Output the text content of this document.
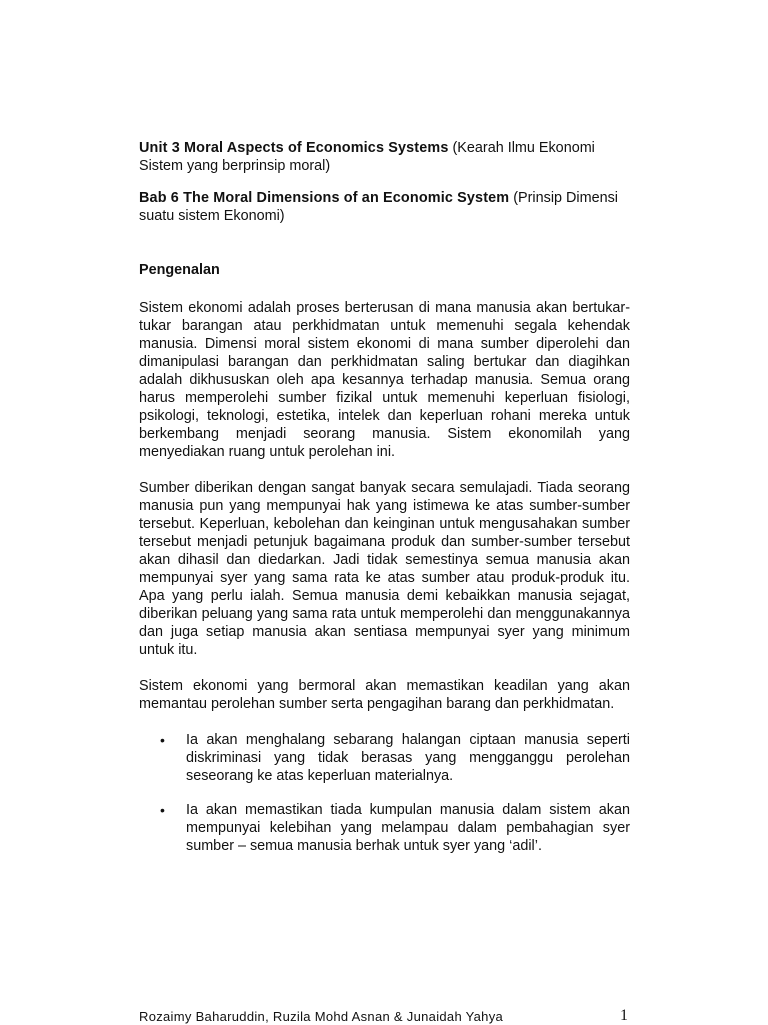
Unit 3 Moral Aspects of Economics Systems (Kearah Ilmu Ekonomi Sistem yang berprinsip moral)

Bab 6 The Moral Dimensions of an Economic System (Prinsip Dimensi suatu sistem Ekonomi)

Pengenalan

Sistem ekonomi adalah proses berterusan di mana manusia akan bertukar-tukar barangan atau perkhidmatan untuk memenuhi segala kehendak manusia. Dimensi moral sistem ekonomi di mana sumber diperolehi dan dimanipulasi barangan dan perkhidmatan saling bertukar dan diagihkan adalah dikhususkan oleh apa kesannya terhadap manusia. Semua orang harus memperolehi sumber fizikal untuk memenuhi keperluan fisiologi, psikologi, teknologi, estetika, intelek dan keperluan rohani mereka untuk berkembang menjadi seorang manusia. Sistem ekonomilah yang menyediakan ruang untuk perolehan ini.

Sumber diberikan dengan sangat banyak secara semulajadi. Tiada seorang manusia pun yang mempunyai hak yang istimewa ke atas sumber-sumber tersebut. Keperluan, kebolehan dan keinginan untuk mengusahakan sumber tersebut menjadi petunjuk bagaimana produk dan sumber-sumber tersebut akan dihasil dan diedarkan. Jadi tidak semestinya semua manusia akan mempunyai syer yang sama rata ke atas sumber atau produk-produk itu. Apa yang perlu ialah. Semua manusia demi kebaikkan manusia sejagat, diberikan peluang yang sama rata untuk memperolehi dan menggunakannya dan juga setiap manusia akan sentiasa mempunyai syer yang minimum untuk itu.

Sistem ekonomi yang bermoral akan memastikan keadilan yang akan memantau perolehan sumber serta pengagihan barang dan perkhidmatan.

• Ia akan menghalang sebarang halangan ciptaan manusia seperti diskriminasi yang tidak berasas yang mengganggu perolehan seseorang ke atas keperluan materialnya.
• Ia akan memastikan tiada kumpulan manusia dalam sistem akan mempunyai kelebihan yang melampau dalam pembahagian syer sumber – semua manusia berhak untuk syer yang ‘adil’.
Rozaimy Baharuddin, Ruzila Mohd Asnan & Junaidah Yahya	1
